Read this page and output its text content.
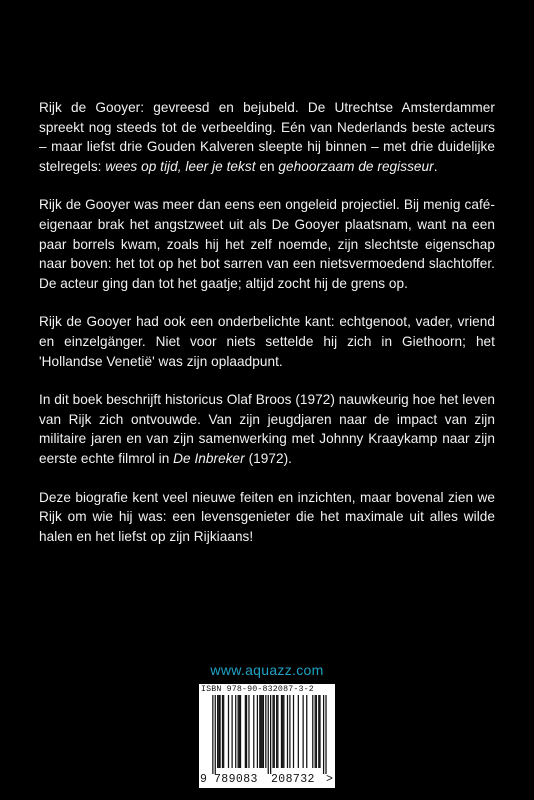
Rijk de Gooyer: gevreesd en bejubeld. De Utrechtse Amsterdammer spreekt nog steeds tot de verbeelding. Eén van Nederlands beste acteurs – maar liefst drie Gouden Kalveren sleepte hij binnen – met drie duidelijke stelregels: wees op tijd, leer je tekst en gehoorzaam de regisseur.

Rijk de Gooyer was meer dan eens een ongeleid projectiel. Bij menig café-eigenaar brak het angstzweet uit als De Gooyer plaatsnam, want na een paar borrels kwam, zoals hij het zelf noemde, zijn slechtste eigenschap naar boven: het tot op het bot sarren van een nietsvermoedend slachtoffer. De acteur ging dan tot het gaatje; altijd zocht hij de grens op.

Rijk de Gooyer had ook een onderbelichte kant: echtgenoot, vader, vriend en einzelgänger. Niet voor niets settelde hij zich in Giethoorn; het 'Hollandse Venetië' was zijn oplaadpunt.

In dit boek beschrijft historicus Olaf Broos (1972) nauwkeurig hoe het leven van Rijk zich ontvouwde. Van zijn jeugdjaren naar de impact van zijn militaire jaren en van zijn samenwerking met Johnny Kraaykamp naar zijn eerste echte filmrol in De Inbreker (1972).

Deze biografie kent veel nieuwe feiten en inzichten, maar bovenal zien we Rijk om wie hij was: een levensgenieter die het maximale uit alles wilde halen en het liefst op zijn Rijkiaans!

www.aquazz.com
ISBN 978-90-832087-3-2
9 789083 208732 >
